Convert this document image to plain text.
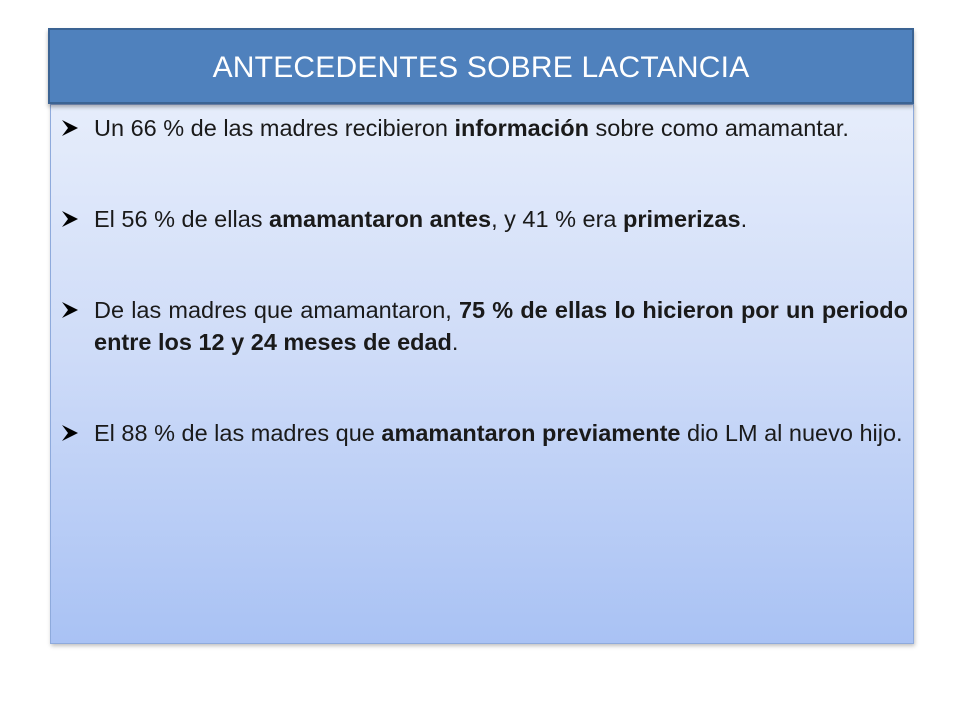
ANTECEDENTES SOBRE LACTANCIA
Un 66 % de las madres recibieron información sobre como amamantar.
El 56 % de ellas amamantaron antes, y 41 % era primerizas.
De las madres que amamantaron, 75 % de ellas lo hicieron por un periodo entre los 12 y 24 meses de edad.
El 88 % de las madres que amamantaron previamente dio LM al nuevo hijo.
